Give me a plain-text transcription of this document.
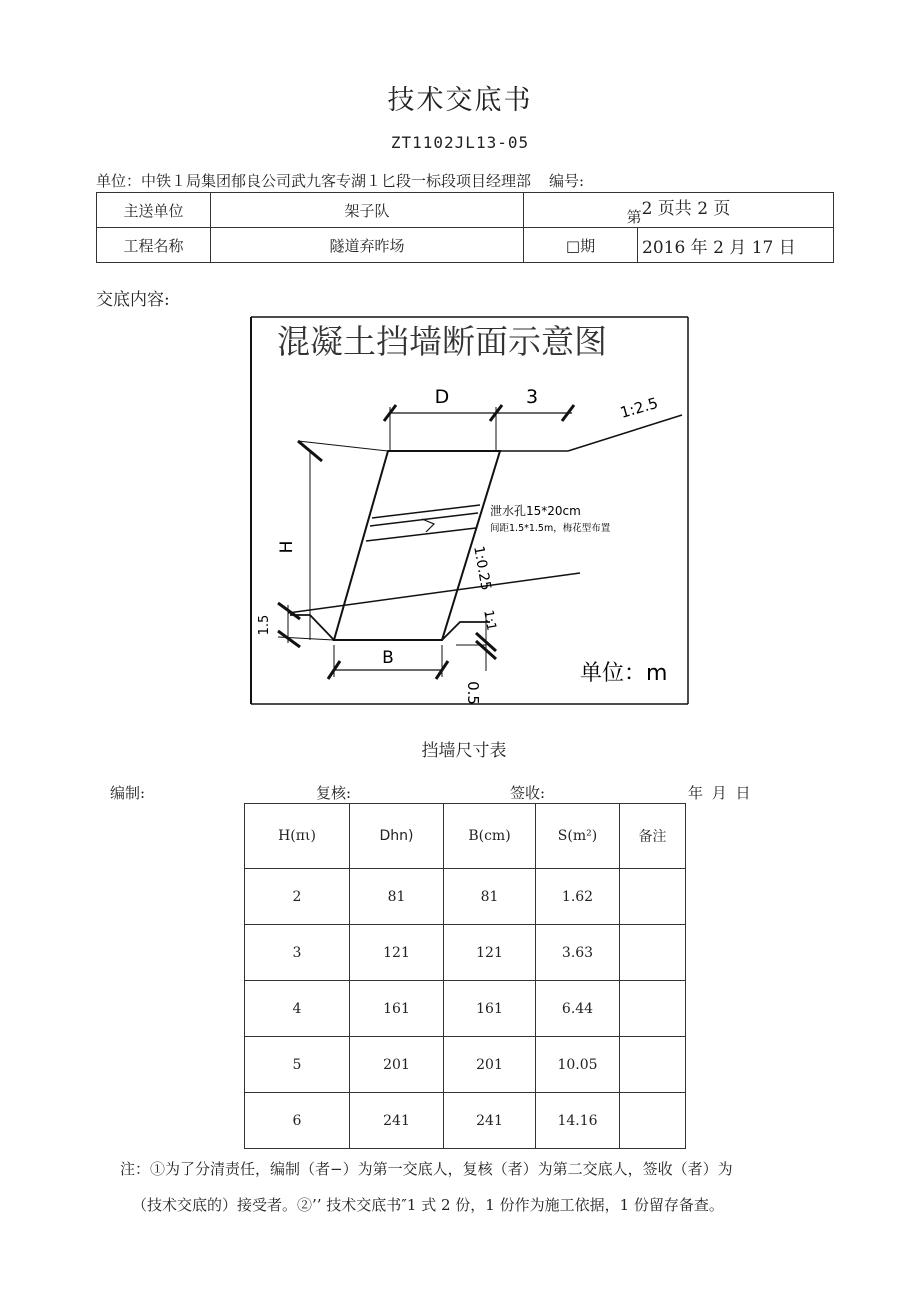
技术交底书
ZT1102JL13-05
单位：中铁１局集团郁良公司武九客专湖１匕段一标段项目经理部 编号:
主送单位	架子队	第2 页共 2 页	
工程名称	隧道弃昨场	□期	2016 年 2 月 17 日
交底内容:
混凝土挡墙断面示意图
D	3	1:2.5
H
1.5
B
0.5
泄水孔15*20cm
间距1.5*1.5m，梅花型布置
1:0.25
1:1
单位：m
挡墙尺寸表
编制:	复核:	签收:	年 月 日
H(πι)	Dhn)	B(cm)	S(m²)	备注
2	81	81	1.62	
3	121	121	3.63	
4	161	161	6.44	
5	201	201	10.05	
6	241	241	14.16	
注：①为了分清责任，编制（者−）为第一交底人，复核（者）为第二交底人，签收（者）为
（技术交底的）接受者。②’’ 技术交底书″1 式 2 份，1 份作为施工依据，1 份留存备查。
